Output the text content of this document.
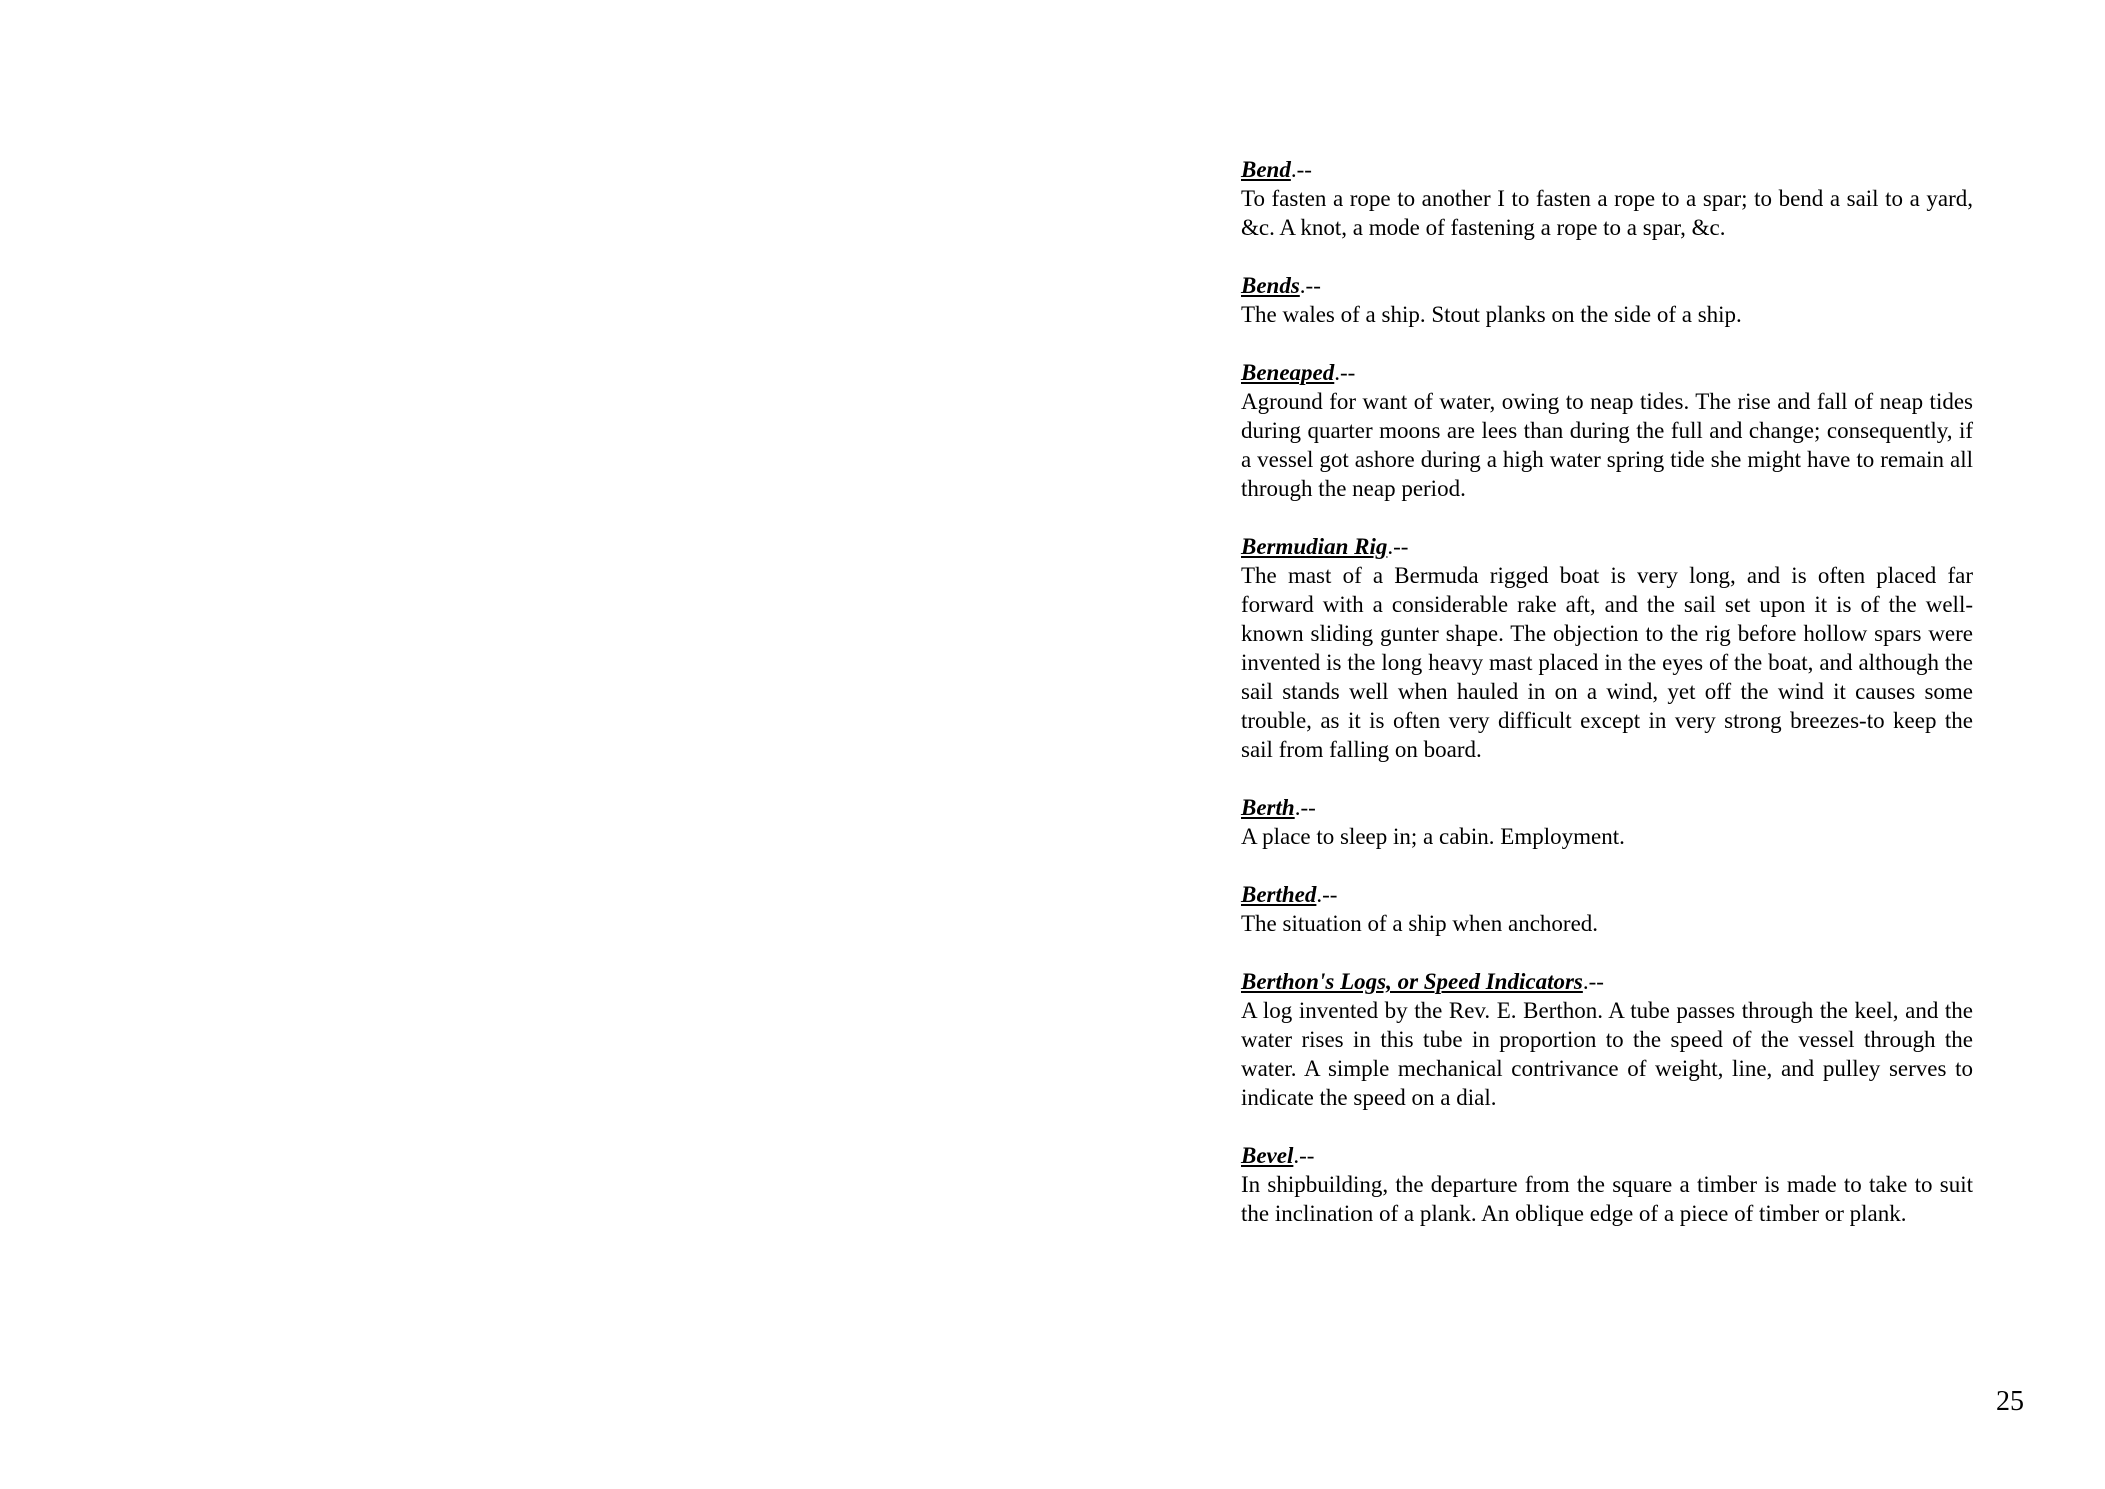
Bend.--

To fasten a rope to another I to fasten a rope to a spar; to bend a sail to a yard, &c. A knot, a mode of fastening a rope to a spar, &c.

Bends.--

The wales of a ship. Stout planks on the side of a ship.

Beneaped.--

Aground for want of water, owing to neap tides. The rise and fall of neap tides during quarter moons are lees than during the full and change; consequently, if a vessel got ashore during a high water spring tide she might have to remain all through the neap period.

Bermudian Rig.--

The mast of a Bermuda rigged boat is very long, and is often placed far forward with a considerable rake aft, and the sail set upon it is of the well-known sliding gunter shape. The objection to the rig before hollow spars were invented is the long heavy mast placed in the eyes of the boat, and although the sail stands well when hauled in on a wind, yet off the wind it causes some trouble, as it is often very difficult except in very strong breezes-to keep the sail from falling on board.

Berth.--

A place to sleep in; a cabin. Employment.

Berthed.--

The situation of a ship when anchored.

Berthon's Logs, or Speed Indicators.--

A log invented by the Rev. E. Berthon. A tube passes through the keel, and the water rises in this tube in proportion to the speed of the vessel through the water. A simple mechanical contrivance of weight, line, and pulley serves to indicate the speed on a dial.

Bevel.--

In shipbuilding, the departure from the square a timber is made to take to suit the inclination of a plank. An oblique edge of a piece of timber or plank.

25
